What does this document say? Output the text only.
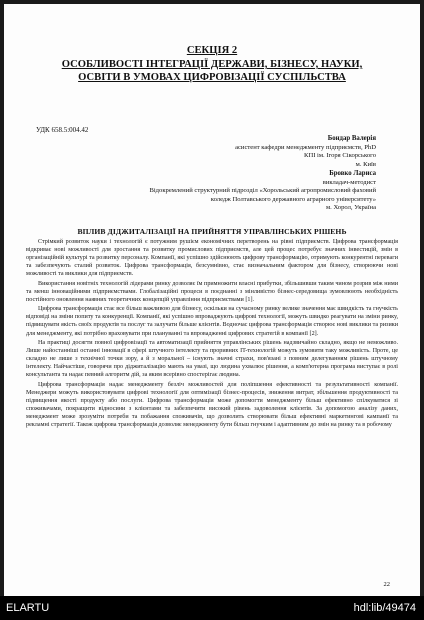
СЕКЦІЯ 2
ОСОБЛИВОСТІ ІНТЕГРАЦІЇ ДЕРЖАВИ, БІЗНЕСУ, НАУКИ,
ОСВІТИ В УМОВАХ ЦИФРОВІЗАЦІЇ СУСПІЛЬСТВА
УДК 658.5:004.42
Бондар Валерія
асистент кафедри менеджменту підприємств, PhD
КПІ ім. Ігоря Сікорського
м. Київ
Бровко Лариса
викладач-методист
Відокремлений структурний підрозділ «Хорольський агропромисловий фаховий
коледж Полтавського державного аграрного університету»
м. Хорол, Україна
ВПЛИВ ДІДЖИТАЛІЗАЦІЇ НА ПРИЙНЯТТЯ УПРАВЛІНСЬКИХ РІШЕНЬ

Стрімкий розвиток науки і технологій є потужним рушієм економічних перетворень на рівні підприємств. Цифрова трансформація відкриває нові можливості для зростання та розвитку промислових підприємств, але цей процес потребує значних інвестицій, змін в організаційній культурі та розвитку персоналу. Компанії, які успішно здійснюють цифрову трансформацію, отримують конкурентні переваги та забезпечують сталий розвиток. Цифрова трансформація, безсумнівно, стає визначальним фактором для бізнесу, створюючи нові можливості та виклики для підприємств.

Використання новітніх технологій лідерами ринку дозволяє їм примножити власні прибутки, збільшивши таким чином розрив між ними та менш інноваційними підприємствами. Глобалізаційні процеси в поєднанні з мінливістю бізнес-середовища зумовлюють необхідність постійного оновлення наявних теоретичних концепцій управління підприємствами [1].

Цифрова трансформація стає все більш важливою для бізнесу, оскільки на сучасному ринку велике значення має швидкість та гнучкість відповіді на зміни попиту та конкуренції. Компанії, які успішно впроваджують цифрові технології, можуть швидко реагувати на зміни ринку, підвищувати якість своїх продуктів та послуг та залучати більше клієнтів. Водночас цифрова трансформація створює нові виклики та ризики для менеджменту, які потрібно враховувати при плануванні та впровадженні цифрових стратегій в компанії [2].

На практиці досягти повної цифровізації та автоматизації прийняття управлінських рішень надзвичайно складно, якщо не неможливо. Лише найостанніші останні інновації в сфері штучного інтелекту та проривних IT-технологій можуть зумовити таку можливість. Проте, це складно не лише з технічної точки зору, а й з моральної – існують значні страхи, пов'язані з повним делегуванням рішень штучному інтелекту. Найчастіше, говорячи про діджиталізацію мають на увазі, що людина ухвалює рішення, а комп'ютерна програма виступає в ролі консультанта та надає певний алгоритм дій, за яким всерівно спостерігає людина.

Цифрова трансформація надає менеджменту безліч можливостей для поліпшення ефективності та результативності компанії. Менеджери можуть використовувати цифрові технології для оптимізації бізнес-процесів, зниження витрат, збільшення продуктивності та підвищення якості продукту або послуги. Цифрова трансформація може допомогти менеджменту більш ефективно спілкуватися зі споживачами, покращити відносини з клієнтами та забезпечити високий рівень задоволення клієнтів. За допомогою аналізу даних, менеджмент може зрозуміти потреби та побажання споживачів, що дозволить створювати більш ефективні маркетингові кампанії та рекламні стратегії. Також цифрова трансформація дозволяє менеджменту бути більш гнучким і адаптивним до змін на ринку та в робочому

22
ELARTU	hdl:lib/49474
